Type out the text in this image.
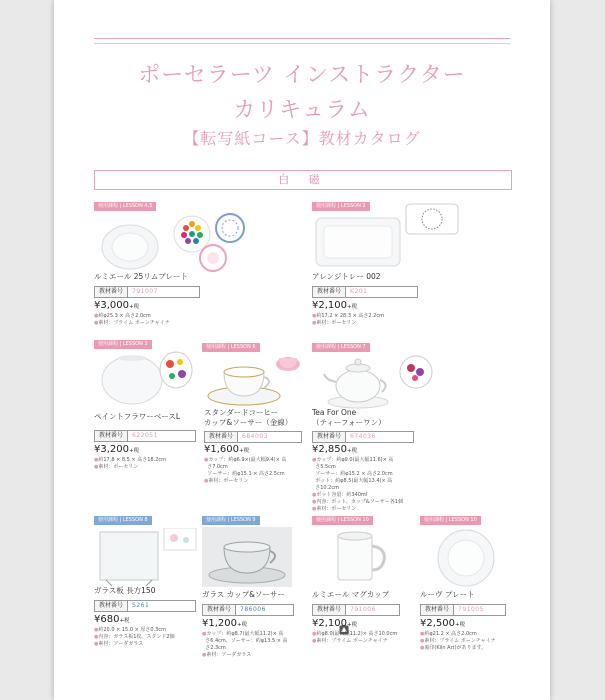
ポーセラーツ インストラクター
カリキュラム
【転写紙コース】教材カタログ
白 磁
使用課程 | LESSON 4,5
ルミエール 25リムプレート
教材番号	791007
¥3,000+税
●約φ25.3 × 高さ2.0cm
●素材：プライム ボーンチャイナ
使用課程 | LESSON 2
アレンジトレー 002
教材番号	K201
¥2,100+税
●約17.2 × 28.3 × 高さ2.2cm
●素材：ポーセリン
使用課程 | LESSON 3
ペイントフラワーベースL
教材番号	622051
¥3,200+税
●約17.8 × 8.5 × 高さ18.2cm
●素材：ポーセリン
使用課程 | LESSON 6
スタンダードコーヒー
カップ&ソーサー（金線）
教材番号	684003
¥1,600+税
●カップ：約φ6.9×(最大幅9.4)× 高
さ7.0cm
ソーサー：約φ15.1 × 高さ2.5cm
●素材：ポーセリン
使用課程 | LESSON 7
Tea For One
（ティーフォーワン）
教材番号	674036
¥2,850+税
●カップ：約φ9.0(最大幅11.6)× 高
さ5.5cm
ソーサー：約φ15.2 × 高さ2.0cm
ポット：約φ8.5(最大幅13.4)× 高
さ10.2cm
●ポット容量：約340ml
●内容：ポット、カップ&ソーサー各1個
●素材：ポーセリン
使用課程 | LESSON 8
ガラス板 長方150
教材番号	S261
¥680+税
●約20.0 × 15.0 × 厚さ0.3cm
●内容：ガラス板1枚、スタンド2個
●素材：ソーダガラス
使用課程 | LESSON 9
ガラス カップ&ソーサー
教材番号	786006
¥1,200+税
●カップ：約φ8.7(最大幅11.2)× 高
さ6.4cm、ソーサー：約φ13.5 × 高
さ2.3cm
●素材：ソーダガラス
使用課程 | LESSON 10
ルミエール マグカップ
教材番号	791006
¥2,100+税
●約φ8.0(最大幅11.2)× 高さ10.0cm
●素材：プライム ボーンチャイナ
使用課程 | LESSON 10
ルーヴ プレート
教材番号	791005
¥2,500+税
●約φ21.2 × 高さ2.0cm
●素材：プライム ボーンチャイナ
●裏印(Kiln Art)があります。
